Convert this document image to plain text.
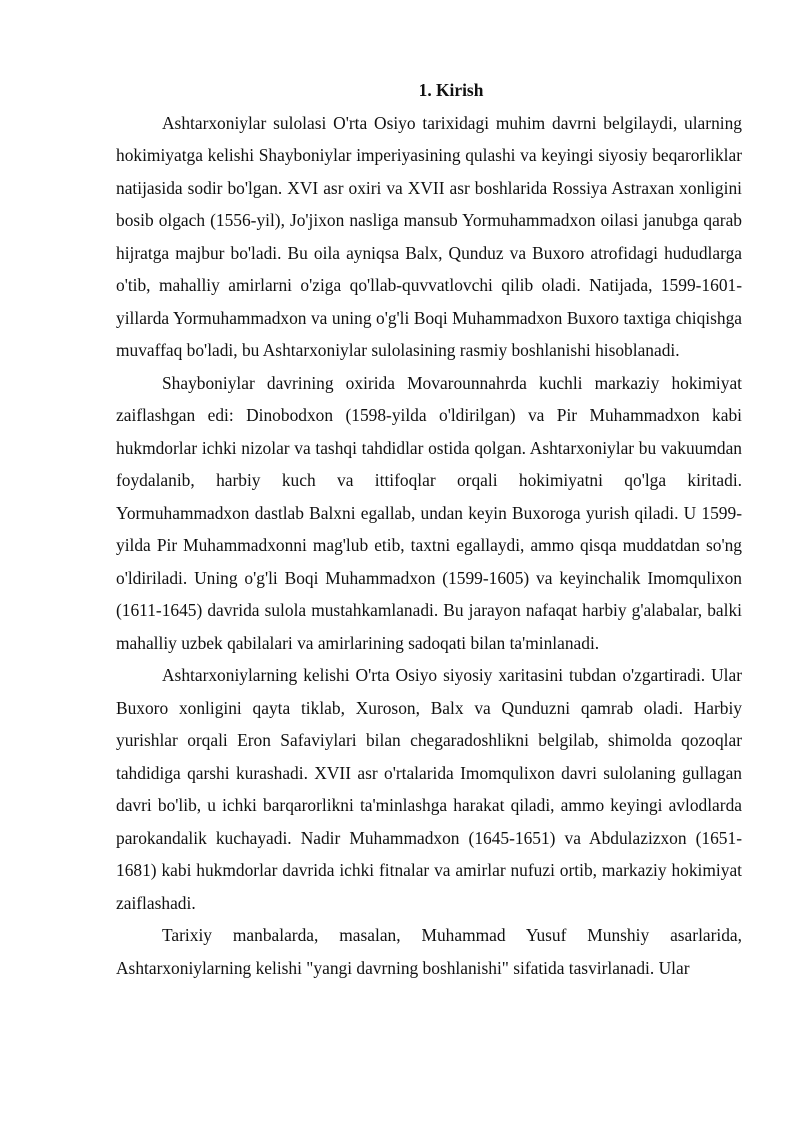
1. Kirish

Ashtarxoniylar sulolasi O'rta Osiyo tarixidagi muhim davrni belgilaydi, ularning hokimiyatga kelishi Shayboniylar imperiyasining qulashi va keyingi siyosiy beqarorliklar natijasida sodir bo'lgan. XVI asr oxiri va XVII asr boshlarida Rossiya Astraxan xonligini bosib olgach (1556-yil), Jo'jixon nasliga mansub Yormuhammadxon oilasi janubga qarab hijratga majbur bo'ladi. Bu oila ayniqsa Balx, Qunduz va Buxoro atrofidagi hududlarga o'tib, mahalliy amirlarni o'ziga qo'llab-quvvatlovchi qilib oladi. Natijada, 1599-1601-yillarda Yormuhammadxon va uning o'g'li Boqi Muhammadxon Buxoro taxtiga chiqishga muvaffaq bo'ladi, bu Ashtarxoniylar sulolasining rasmiy boshlanishi hisoblanadi.

Shayboniylar davrining oxirida Movarounnahrda kuchli markaziy hokimiyat zaiflashgan edi: Dinobodxon (1598-yilda o'ldirilgan) va Pir Muhammadxon kabi hukmdorlar ichki nizolar va tashqi tahdidlar ostida qolgan. Ashtarxoniylar bu vakuumdan foydalanib, harbiy kuch va ittifoqlar orqali hokimiyatni qo'lga kiritadi. Yormuhammadxon dastlab Balxni egallab, undan keyin Buxoroga yurish qiladi. U 1599-yilda Pir Muhammadxonni mag'lub etib, taxtni egallaydi, ammo qisqa muddatdan so'ng o'ldiriladi. Uning o'g'li Boqi Muhammadxon (1599-1605) va keyinchalik Imomqulixon (1611-1645) davrida sulola mustahkamlanadi. Bu jarayon nafaqat harbiy g'alabalar, balki mahalliy uzbek qabilalari va amirlarining sadoqati bilan ta'minlanadi.

Ashtarxoniylarning kelishi O'rta Osiyo siyosiy xaritasini tubdan o'zgartiradi. Ular Buxoro xonligini qayta tiklab, Xuroson, Balx va Qunduzni qamrab oladi. Harbiy yurishlar orqali Eron Safaviylari bilan chegaradoshlikni belgilab, shimolda qozoqlar tahdidiga qarshi kurashadi. XVII asr o'rtalarida Imomqulixon davri sulolaning gullagan davri bo'lib, u ichki barqarorlikni ta'minlashga harakat qiladi, ammo keyingi avlodlarda parokandalik kuchayadi. Nadir Muhammadxon (1645-1651) va Abdulazizxon (1651-1681) kabi hukmdorlar davrida ichki fitnalar va amirlar nufuzi ortib, markaziy hokimiyat zaiflashadi.

Tarixiy manbalarda, masalan, Muhammad Yusuf Munshiy asarlarida, Ashtarxoniylarning kelishi "yangi davrning boshlanishi" sifatida tasvirlanadi. Ular
